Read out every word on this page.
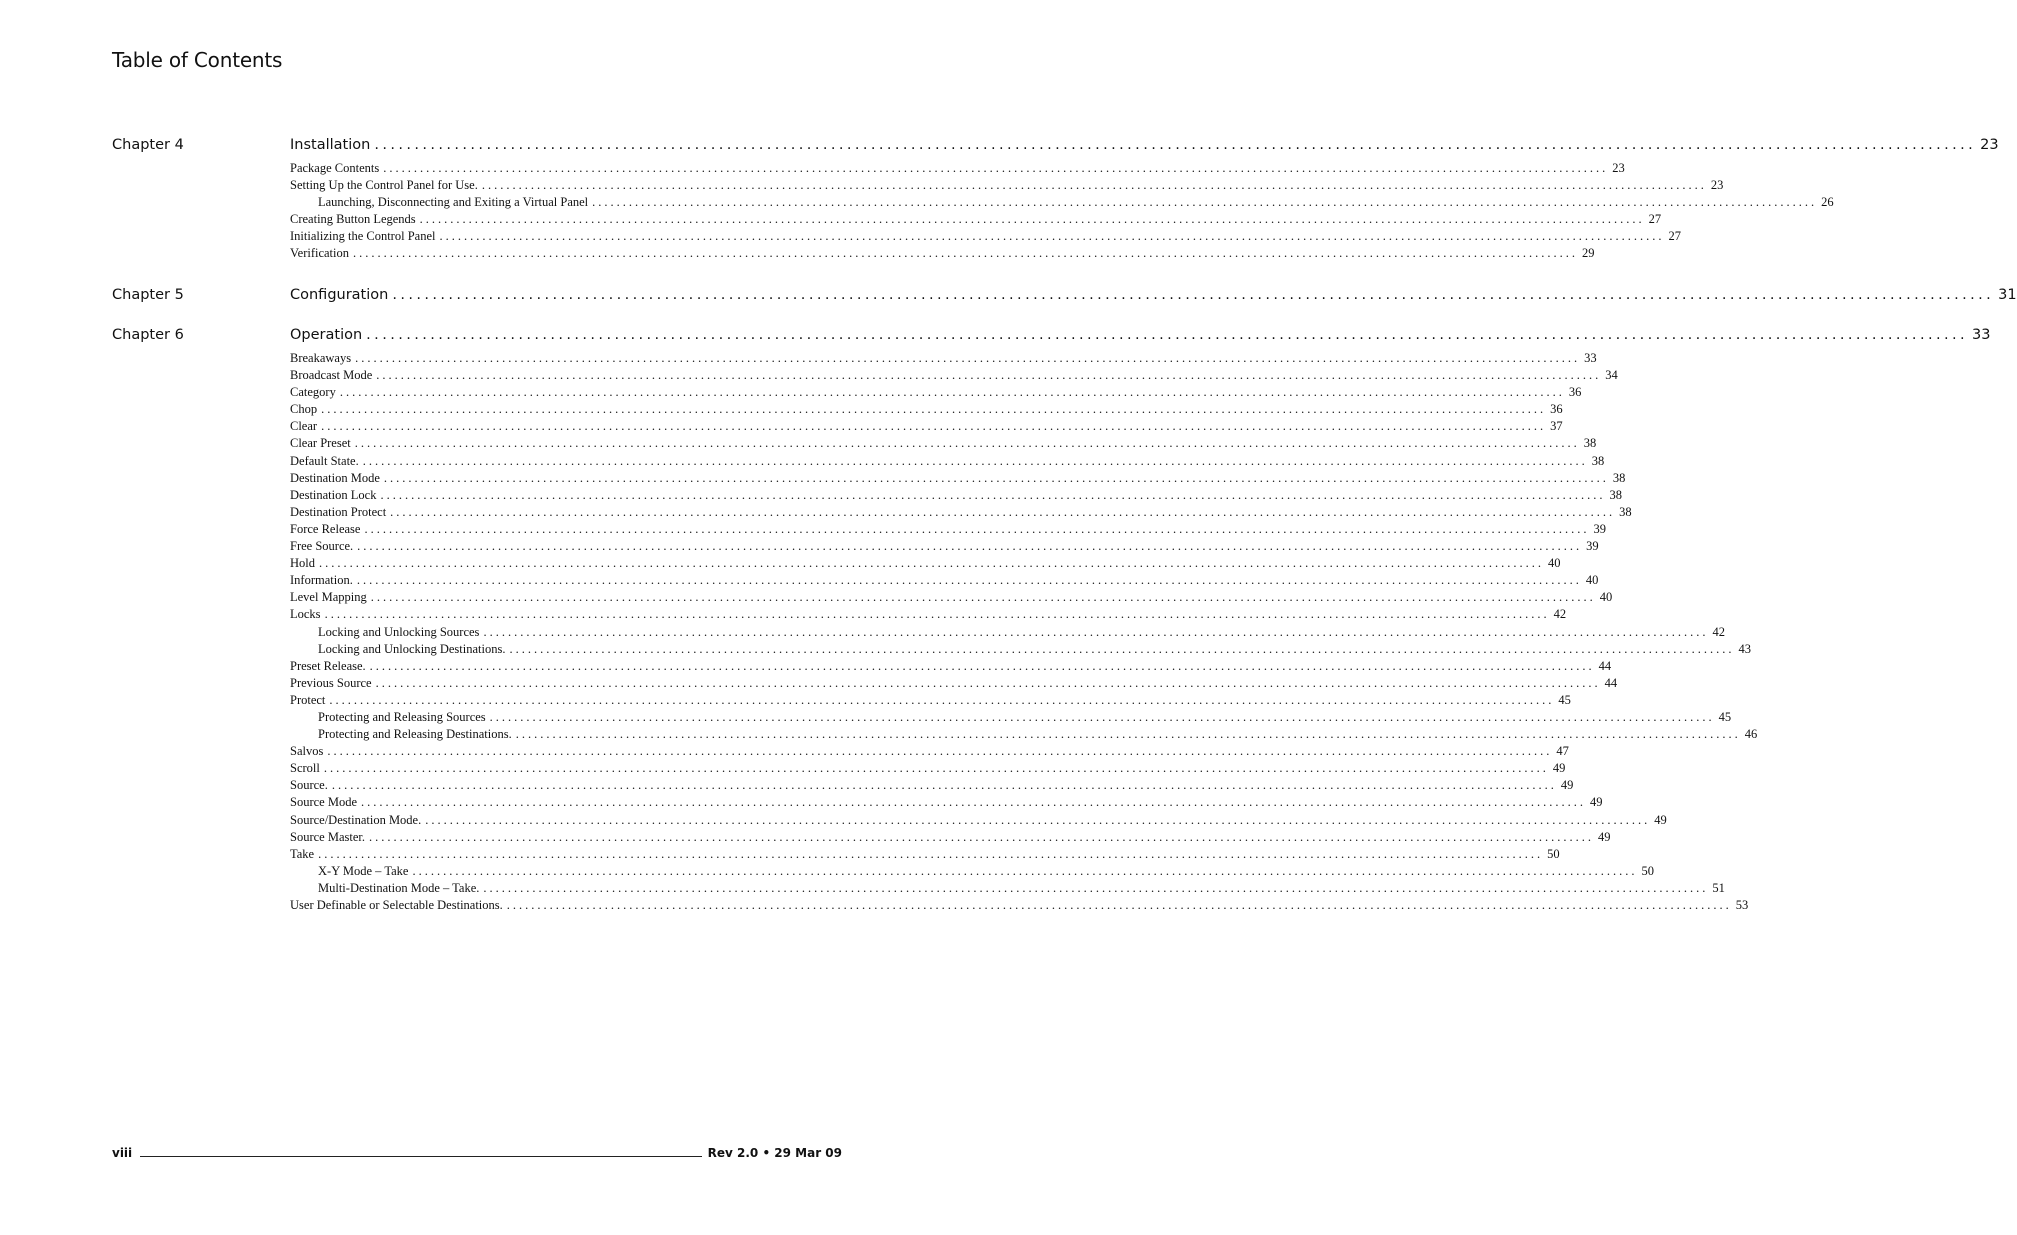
Table of Contents
Chapter 4	Installation ........................................................................................................................................................................................................ 23
Package Contents ........................................................................................................................................................................................................ 23
Setting Up the Control Panel for Use. ........................................................................................................................................................................................................ 23
Launching, Disconnecting and Exiting a Virtual Panel ........................................................................................................................................................................................................ 26
Creating Button Legends ........................................................................................................................................................................................................ 27
Initializing the Control Panel ........................................................................................................................................................................................................ 27
Verification ........................................................................................................................................................................................................ 29
Chapter 5	Configuration ........................................................................................................................................................................................................ 31
Chapter 6	Operation ........................................................................................................................................................................................................ 33
Breakaways ........................................................................................................................................................................................................ 33
Broadcast Mode ........................................................................................................................................................................................................ 34
Category ........................................................................................................................................................................................................ 36
Chop ........................................................................................................................................................................................................ 36
Clear ........................................................................................................................................................................................................ 37
Clear Preset ........................................................................................................................................................................................................ 38
Default State. ........................................................................................................................................................................................................ 38
Destination Mode ........................................................................................................................................................................................................ 38
Destination Lock ........................................................................................................................................................................................................ 38
Destination Protect ........................................................................................................................................................................................................ 38
Force Release ........................................................................................................................................................................................................ 39
Free Source. ........................................................................................................................................................................................................ 39
Hold ........................................................................................................................................................................................................ 40
Information. ........................................................................................................................................................................................................ 40
Level Mapping ........................................................................................................................................................................................................ 40
Locks ........................................................................................................................................................................................................ 42
Locking and Unlocking Sources ........................................................................................................................................................................................................ 42
Locking and Unlocking Destinations. ........................................................................................................................................................................................................ 43
Preset Release. ........................................................................................................................................................................................................ 44
Previous Source ........................................................................................................................................................................................................ 44
Protect ........................................................................................................................................................................................................ 45
Protecting and Releasing Sources ........................................................................................................................................................................................................ 45
Protecting and Releasing Destinations. ........................................................................................................................................................................................................ 46
Salvos ........................................................................................................................................................................................................ 47
Scroll ........................................................................................................................................................................................................ 49
Source. ........................................................................................................................................................................................................ 49
Source Mode ........................................................................................................................................................................................................ 49
Source/Destination Mode. ........................................................................................................................................................................................................ 49
Source Master. ........................................................................................................................................................................................................ 49
Take ........................................................................................................................................................................................................ 50
X-Y Mode – Take ........................................................................................................................................................................................................ 50
Multi-Destination Mode – Take. ........................................................................................................................................................................................................ 51
User Definable or Selectable Destinations. ........................................................................................................................................................................................................ 53
viii	Rev 2.0 • 29 Mar 09
